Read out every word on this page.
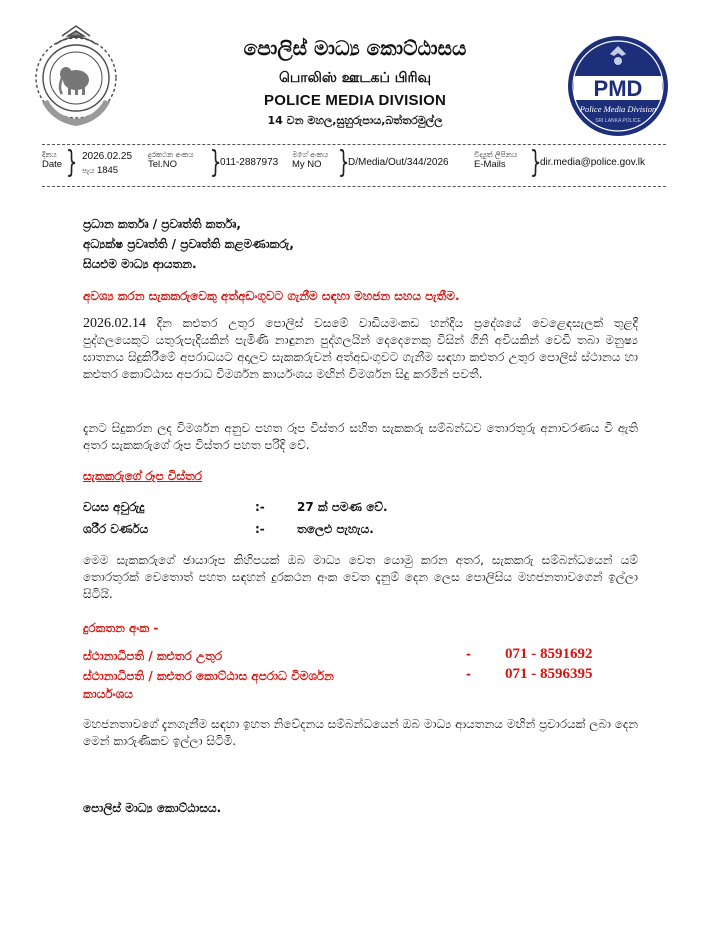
PMD
Police Media Division
SRI LANKA POLICE
පොලිස් මාධ්‍ය කොට්ඨාසය
பொலிஸ் ஊடகப் பிரிவு
POLICE MEDIA DIVISION
14 වන මහල,සුහුරුපාය,බත්තරමුල්ල
දිනය
Date } 2026.02.25
පැය 1845
දුරකථන අංකය
Tel.NO	}
011-2887973
මගේ අංකය
My NO }
D/Media/Out/344/2026
විද්‍යුත් ලිපිනය
E-Mails }
dir.media@police.gov.lk
ප්‍රධාන කර්තෘ / ප්‍රවෘත්ති කර්තෘ,
අධ්‍යක්ෂ ප්‍රවෘත්ති / ප්‍රවෘත්ති කළමණාකරු,
සියළුම මාධ්‍ය ආයතන.
අවශ්‍ය කරන සැකකරුවෙකු අත්අඩංගුවට ගැනීම සඳහා මහජන සහය පැතීම.
2026.02.14 දින කළුතර උතුර පොලිස් වසමේ වාඩියමංකඩ හන්දිය ප්‍රදේශයේ වෙළෙඳසැලක් තුළදී පුද්ගලයෙකුට යතුරුපැදියකින් පැමිණි නාඳුනන පුද්ගලයින් දෙදෙනෙකු විසින් ගිනි අවියකින් වෙඩි තබා මනුෂ්‍ය ඝාතනය සිදුකිරීමේ අපරාධයට අදාලව සැකකරුවන් අත්අඩංගුවට ගැනීම සඳහා කළුතර උතුර පොලිස් ස්ථානය හා කළුතර කොට්ඨාස අපරාධ විමර්ශන කාර්යංශය මඟින් විමර්ශන සිදු කරමින් පවතී.
දැනට සිදුකරන ලද විමර්ශන අනුව පහත රූප විස්තර සහිත සැකකරු සම්බන්ධව තොරතුරු අනාවරණය වී ඇති අතර සැකකරුගේ රූප විස්තර පහත පරිදි වේ.
සැකකරුගේ රූප විස්තර
වයස අවුරුදු	:-	27 ක් පමණ වේ.
ශරීර වර්ණය	:-	තලෙළු පැහැය.
මෙම සැකකරුගේ ඡායාරූප කිහිපයක් ඔබ මාධ්‍ය වෙත යොමු කරන අතර, සැකකරු සම්බන්ධයෙන් යම් තොරතුරක් වෙතොත් පහත සඳහන් දුරකථන අංක වෙත දැනුම් දෙන ලෙස පොලිසිය මහජනතාවගෙන් ඉල්ලා සිටියි.
දුරකතන අංක -
ස්ථානාධිපති / කළුතර උතුර	- 071 - 8591692
ස්ථානාධිපති / කළුතර කොට්ඨාස අපරාධ විමර්ශන	- 071 - 8596395
කාර්යංශය
මහජනතාවගේ දැනගැනීම සඳහා ඉහත නිවේදනය සම්බන්ධයෙන් ඔබ මාධ්‍ය ආයතනය මඟින් ප්‍රචාරයක් ලබා දෙන මෙන් කාරුණිකව ඉල්ලා සිටිමි.
පොලිස් මාධ්‍ය කොට්ඨාසය.
